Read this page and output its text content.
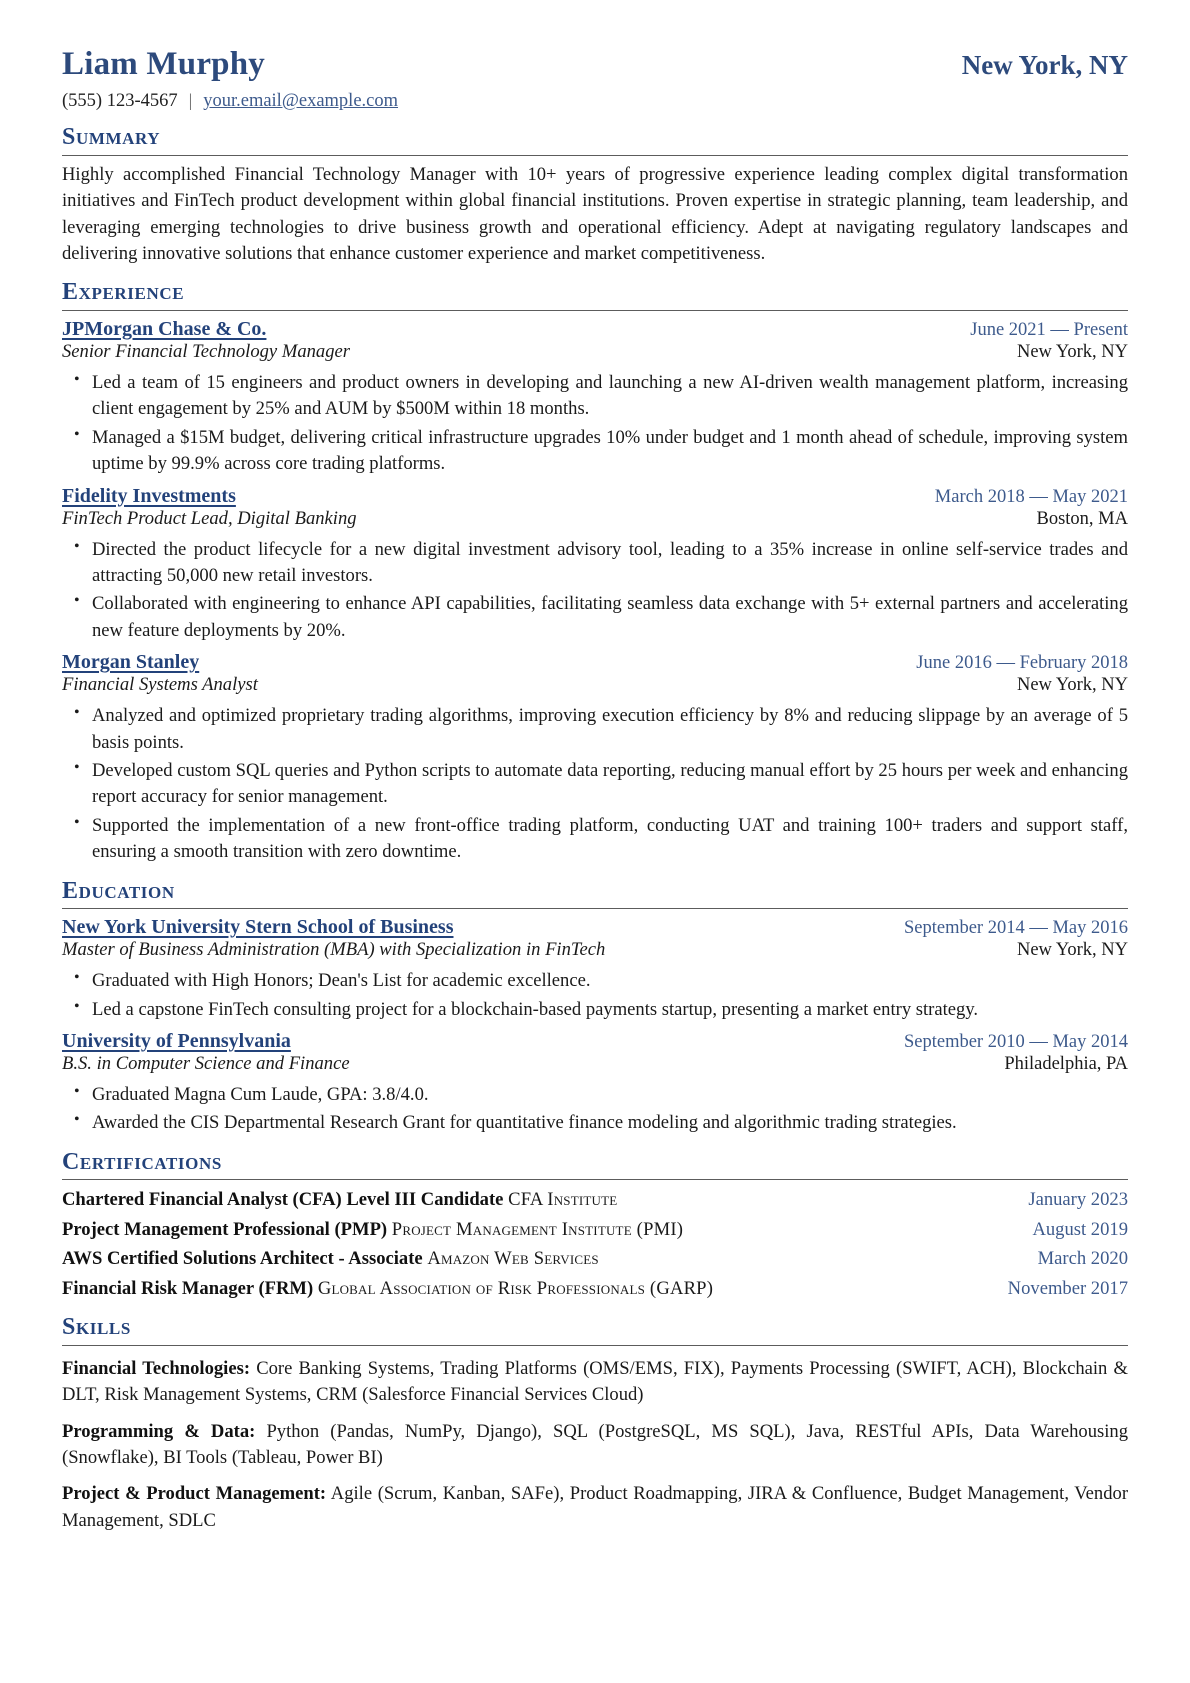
Liam Murphy	New York, NY
(555) 123-4567 | your.email@example.com
Summary

Highly accomplished Financial Technology Manager with 10+ years of progressive experience leading complex digital transformation initiatives and FinTech product development within global financial institutions. Proven expertise in strategic planning, team leadership, and leveraging emerging technologies to drive business growth and operational efficiency. Adept at navigating regulatory landscapes and delivering innovative solutions that enhance customer experience and market competitiveness.

Experience
JPMorgan Chase & Co.	June 2021 — Present
Senior Financial Technology Manager	New York, NY
• Led a team of 15 engineers and product owners in developing and launching a new AI-driven wealth management platform, increasing client engagement by 25% and AUM by $500M within 18 months.
• Managed a $15M budget, delivering critical infrastructure upgrades 10% under budget and 1 month ahead of schedule, improving system uptime by 99.9% across core trading platforms.
Fidelity Investments	March 2018 — May 2021
FinTech Product Lead, Digital Banking	Boston, MA
• Directed the product lifecycle for a new digital investment advisory tool, leading to a 35% increase in online self-service trades and attracting 50,000 new retail investors.
• Collaborated with engineering to enhance API capabilities, facilitating seamless data exchange with 5+ external partners and accelerating new feature deployments by 20%.
Morgan Stanley	June 2016 — February 2018
Financial Systems Analyst	New York, NY
• Analyzed and optimized proprietary trading algorithms, improving execution efficiency by 8% and reducing slippage by an average of 5 basis points.
• Developed custom SQL queries and Python scripts to automate data reporting, reducing manual effort by 25 hours per week and enhancing report accuracy for senior management.
• Supported the implementation of a new front-office trading platform, conducting UAT and training 100+ traders and support staff, ensuring a smooth transition with zero downtime.
Education
New York University Stern School of Business	September 2014 — May 2016
Master of Business Administration (MBA) with Specialization in FinTech	New York, NY
• Graduated with High Honors; Dean's List for academic excellence.
• Led a capstone FinTech consulting project for a blockchain-based payments startup, presenting a market entry strategy.
University of Pennsylvania	September 2010 — May 2014
B.S. in Computer Science and Finance	Philadelphia, PA
• Graduated Magna Cum Laude, GPA: 3.8/4.0.
• Awarded the CIS Departmental Research Grant for quantitative finance modeling and algorithmic trading strategies.
Certifications
Chartered Financial Analyst (CFA) Level III Candidate CFA Institute	January 2023
Project Management Professional (PMP) Project Management Institute (PMI)	August 2019
AWS Certified Solutions Architect - Associate Amazon Web Services	March 2020
Financial Risk Manager (FRM) Global Association of Risk Professionals (GARP)	November 2017
Skills

Financial Technologies: Core Banking Systems, Trading Platforms (OMS/EMS, FIX), Payments Processing (SWIFT, ACH), Blockchain & DLT, Risk Management Systems, CRM (Salesforce Financial Services Cloud)

Programming & Data: Python (Pandas, NumPy, Django), SQL (PostgreSQL, MS SQL), Java, RESTful APIs, Data Warehousing (Snowflake), BI Tools (Tableau, Power BI)

Project & Product Management: Agile (Scrum, Kanban, SAFe), Product Roadmapping, JIRA & Confluence, Budget Management, Vendor Management, SDLC
